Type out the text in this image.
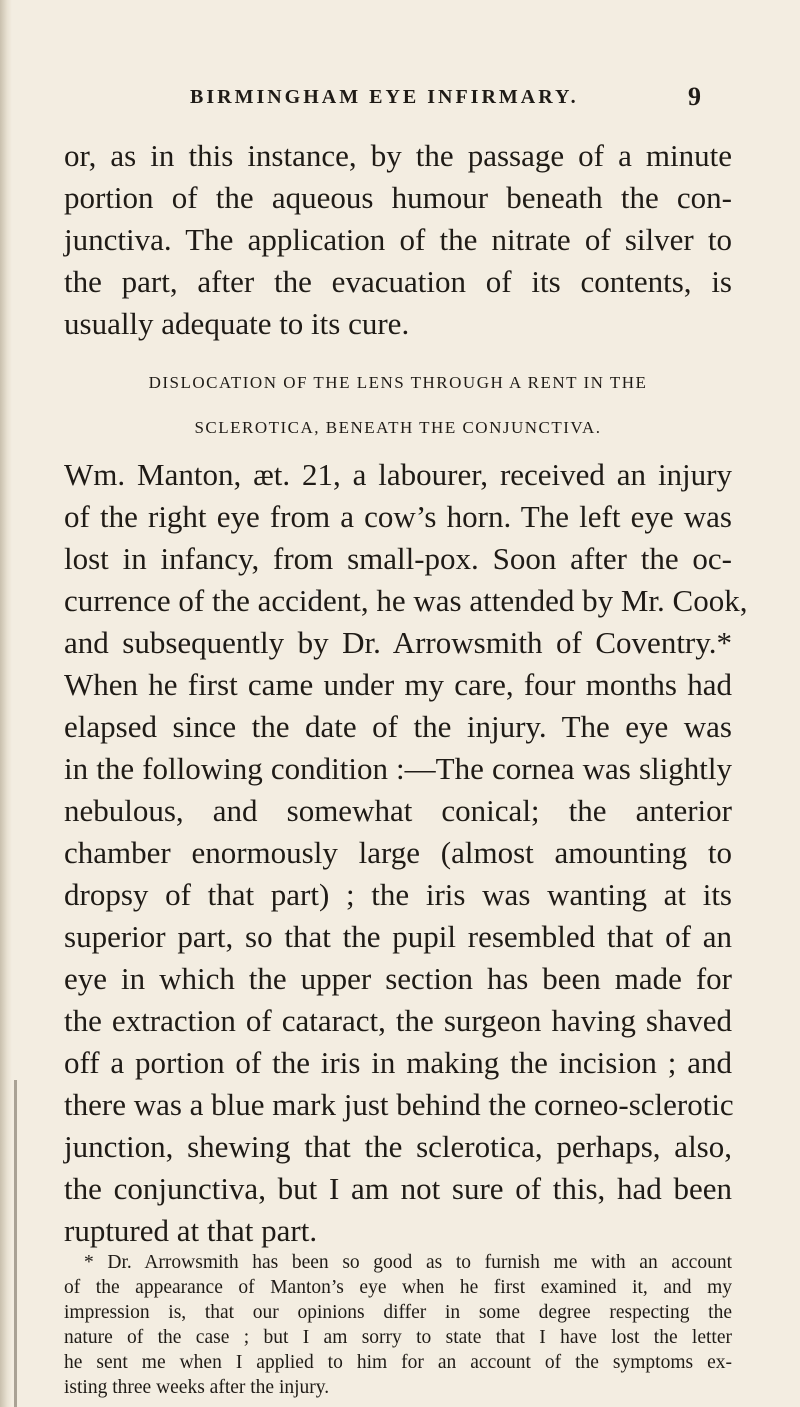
BIRMINGHAM EYE INFIRMARY.	9
or, as in this instance, by the passage of a minute
portion of the aqueous humour beneath the con-
junctiva. The application of the nitrate of silver to
the part, after the evacuation of its contents, is
usually adequate to its cure.
DISLOCATION OF THE LENS THROUGH A RENT IN THE
SCLEROTICA, BENEATH THE CONJUNCTIVA.
Wm. Manton, æt. 21, a labourer, received an injury
of the right eye from a cow’s horn. The left eye was
lost in infancy, from small-pox. Soon after the oc-
currence of the accident, he was attended by Mr. Cook,
and subsequently by Dr. Arrowsmith of Coventry.*
When he first came under my care, four months had
elapsed since the date of the injury. The eye was
in the following condition :—The cornea was slightly
nebulous, and somewhat conical; the anterior
chamber enormously large (almost amounting to
dropsy of that part) ; the iris was wanting at its
superior part, so that the pupil resembled that of an
eye in which the upper section has been made for
the extraction of cataract, the surgeon having shaved
off a portion of the iris in making the incision ; and
there was a blue mark just behind the corneo-sclerotic
junction, shewing that the sclerotica, perhaps, also,
the conjunctiva, but I am not sure of this, had been
ruptured at that part.
* Dr. Arrowsmith has been so good as to furnish me with an account
of the appearance of Manton’s eye when he first examined it, and my
impression is, that our opinions differ in some degree respecting the
nature of the case ; but I am sorry to state that I have lost the letter
he sent me when I applied to him for an account of the symptoms ex-
isting three weeks after the injury.
